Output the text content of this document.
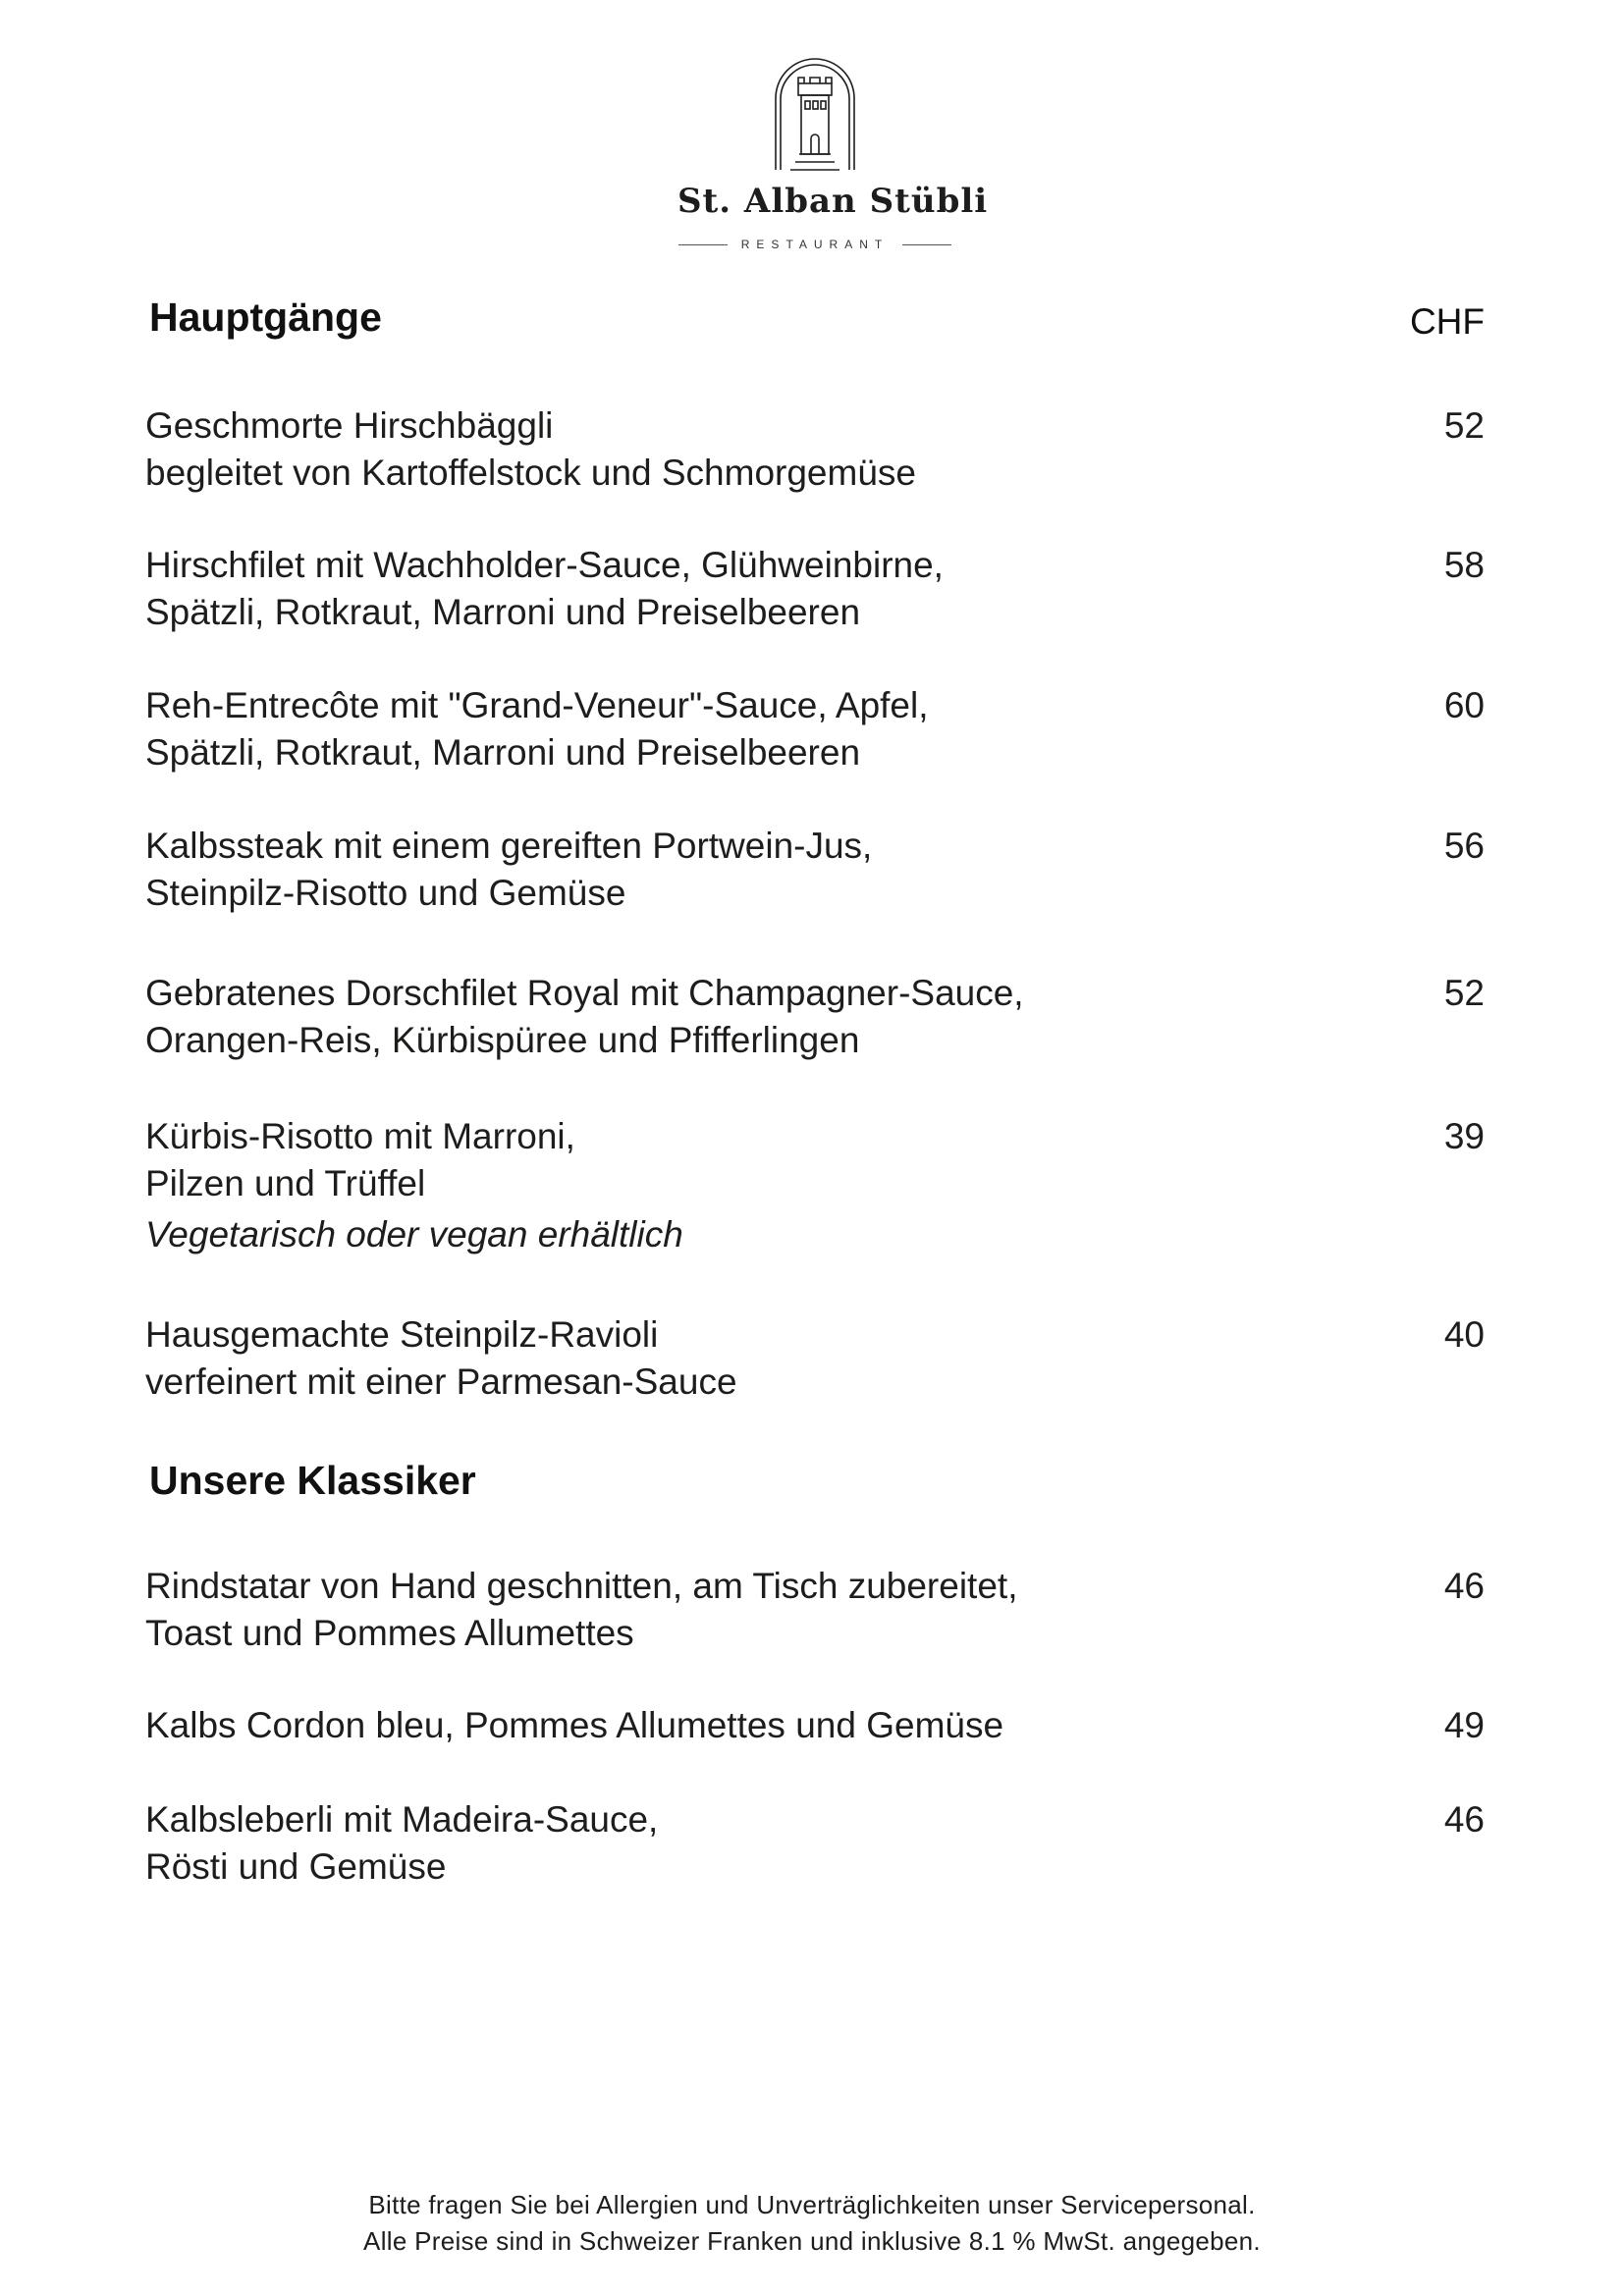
St. Alban Stübli
RESTAURANT
Hauptgänge	CHF
Geschmorte Hirschbäggli
begleitet von Kartoffelstock und Schmorgemüse
52
Hirschfilet mit Wachholder-Sauce, Glühweinbirne,
Spätzli, Rotkraut, Marroni und Preiselbeeren
58
Reh-Entrecôte mit "Grand-Veneur"-Sauce, Apfel,
Spätzli, Rotkraut, Marroni und Preiselbeeren
60
Kalbssteak mit einem gereiften Portwein-Jus,
Steinpilz-Risotto und Gemüse
56
Gebratenes Dorschfilet Royal mit Champagner-Sauce,
Orangen-Reis, Kürbispüree und Pfifferlingen
52
Kürbis-Risotto mit Marroni,
Pilzen und Trüffel
Vegetarisch oder vegan erhältlich
39
Hausgemachte Steinpilz-Ravioli
verfeinert mit einer Parmesan-Sauce
40
Unsere Klassiker
Rindstatar von Hand geschnitten, am Tisch zubereitet,
Toast und Pommes Allumettes
46
Kalbs Cordon bleu, Pommes Allumettes und Gemüse	49
Kalbsleberli mit Madeira-Sauce,
Rösti und Gemüse
46
Bitte fragen Sie bei Allergien und Unverträglichkeiten unser Servicepersonal.
Alle Preise sind in Schweizer Franken und inklusive 8.1 % MwSt. angegeben.
